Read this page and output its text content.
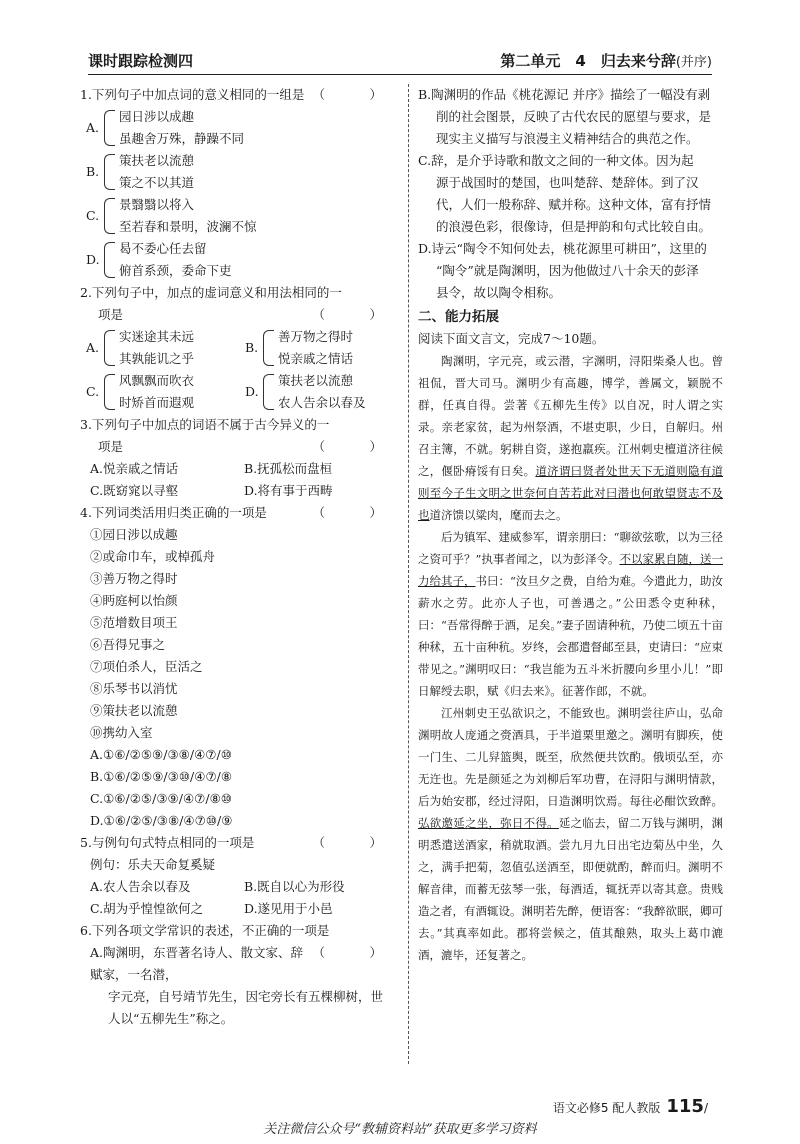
课时跟踪检测四	第二单元　4　归去来兮辞(并序)

1.下列句子中加点词的意义相同的一组是 （　）

A.
园日涉以成趣
虽趣舍万殊，静躁不同
B.
策扶老以流憩
策之不以其道
C.
景翳翳以将入
至若春和景明，波澜不惊
D.
曷不委心任去留
俯首系颈，委命下吏

2.下列句子中，加点的虚词意义和用法相同的一

项是	（　）

A.
实迷途其未远
其孰能讥之乎
B.
善万物之得时
悦亲戚之情话
C.
风飘飘而吹衣
时矫首而遐观
D.
策扶老以流憩
农人告余以春及

3.下列句子中加点的词语不属于古今异义的一

项是	（　）

A.悦亲戚之情话	B.抚孤松而盘桓
C.既窈窕以寻壑	D.将有事于西畴

4.下列词类活用归类正确的一项是	（　）

①园日涉以成趣
②或命巾车，或棹孤舟
③善万物之得时
④眄庭柯以怡颜
⑤范增数目项王
⑥吾得兄事之
⑦项伯杀人，臣活之
⑧乐琴书以消忧
⑨策扶老以流憩
⑩携幼入室
A.①⑥/②⑤⑨/③⑧/④⑦/⑩
B.①⑥/②⑤⑨/③⑩/④⑦/⑧
C.①⑥/②⑤/③⑨/④⑦/⑧⑩
D.①⑥/②⑤/③⑧/④⑦⑩/⑨

5.与例句句式特点相同的一项是	（　）

例句：乐夫天命复奚疑
A.农人告余以春及	B.既自以心为形役
C.胡为乎惶惶欲何之	D.遂见用于小邑

6.下列各项文学常识的表述，不正确的一项是
（　）

A.陶渊明，东晋著名诗人、散文家、辞赋家，一名潜，
字元亮，自号靖节先生，因宅旁长有五棵柳树，世
人以“五柳先生”称之。
B.陶渊明的作品《桃花源记 并序》描绘了一幅没有剥
削的社会图景，反映了古代农民的愿望与要求，是
现实主义描写与浪漫主义精神结合的典范之作。
C.辞，是介乎诗歌和散文之间的一种文体。因为起
源于战国时的楚国，也叫楚辞、楚辞体。到了汉
代，人们一般称辞、赋并称。这种文体，富有抒情
的浪漫色彩，很像诗，但是押韵和句式比较自由。
D.诗云“陶令不知何处去，桃花源里可耕田”，这里的
“陶令”就是陶渊明，因为他做过八十余天的彭泽
县令，故以陶令相称。
二、能力拓展
阅读下面文言文，完成7～10题。

陶渊明，字元亮，或云潜，字渊明，浔阳柴桑人也。曾祖侃，晋大司马。渊明少有高趣，博学，善属文，颖脱不群，任真自得。尝著《五柳先生传》以自况，时人谓之实录。亲老家贫，起为州祭酒，不堪吏职，少日，自解归。州召主簿，不就。躬耕自资，遂抱羸疾。江州刺史檀道济往候之，偃卧瘠馁有日矣。道济谓曰贤者处世天下无道则隐有道则至今子生文明之世奈何自苦若此对曰潜也何敢望贤志不及也道济馈以粱肉，麾而去之。

后为镇军、建威参军，谓亲朋曰：“聊欲弦歌，以为三径之资可乎？”执事者闻之，以为彭泽令。不以家累自随，送一力给其子，书曰：“汝旦夕之费，自给为难。今遣此力，助汝薪水之劳。此亦人子也，可善遇之。”公田悉令吏种秫，曰：“吾常得醉于酒，足矣。”妻子固请种秔，乃使二顷五十亩种秫，五十亩种秔。岁终，会郡遣督邮至县，吏请曰：“应束带见之。”渊明叹曰：“我岂能为五斗米折腰向乡里小儿！”即日解绶去职，赋《归去来》。征著作郎，不就。

江州刺史王弘欲识之，不能致也。渊明尝往庐山，弘命渊明故人庞通之赍酒具，于半道栗里邀之。渊明有脚疾，使一门生、二儿舁篮舆，既至，欣然便共饮酌。俄顷弘至，亦无迕也。先是颜延之为刘柳后军功曹，在浔阳与渊明情款，后为始安郡，经过浔阳，日造渊明饮焉。每往必酣饮致醉。弘欲邀延之坐，弥日不得。延之临去，留二万钱与渊明，渊明悉遣送酒家，稍就取酒。尝九月九日出宅边菊丛中坐，久之，满手把菊，忽值弘送酒至，即便就酌，醉而归。渊明不解音律，而蓄无弦琴一张，每酒适，辄抚弄以寄其意。贵贱造之者，有酒辄设。渊明若先醉，便语客：“我醉欲眠，卿可去。”其真率如此。郡将尝候之，值其酿熟，取头上葛巾漉酒，漉毕，还复著之。

语文必修5 配人教版 115/
关注微信公众号“教辅资料站”获取更多学习资料
